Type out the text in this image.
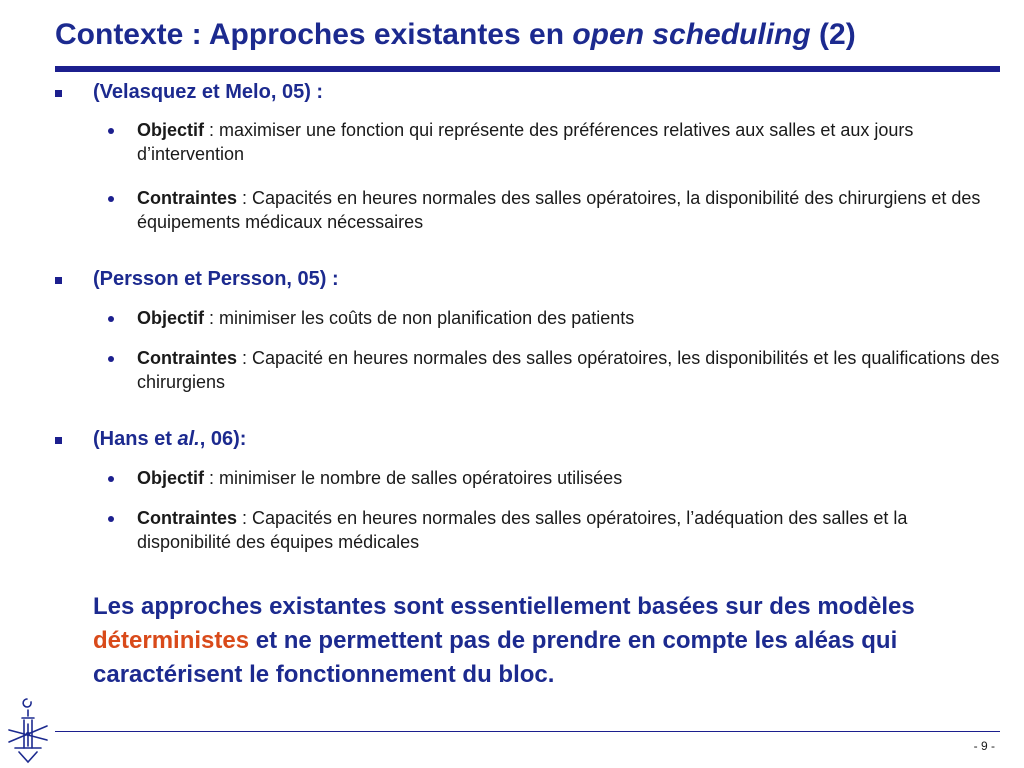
Contexte : Approches existantes en open scheduling (2)
(Velasquez et Melo, 05) :
Objectif : maximiser une fonction qui représente des préférences relatives aux salles et aux jours d’intervention
Contraintes : Capacités en heures normales des salles opératoires, la disponibilité des chirurgiens et des équipements médicaux nécessaires
(Persson et Persson, 05) :
Objectif : minimiser les coûts de non planification des patients
Contraintes : Capacité en heures normales des salles opératoires, les disponibilités et les qualifications des chirurgiens
(Hans et al., 06):
Objectif : minimiser le nombre de salles opératoires utilisées
Contraintes : Capacités en heures normales des salles opératoires, l’adéquation des salles et la disponibilité des équipes médicales
Les approches existantes sont essentiellement basées sur des modèles déterministes et ne permettent pas de prendre en compte les aléas qui caractérisent le fonctionnement du bloc.
- 9 -
